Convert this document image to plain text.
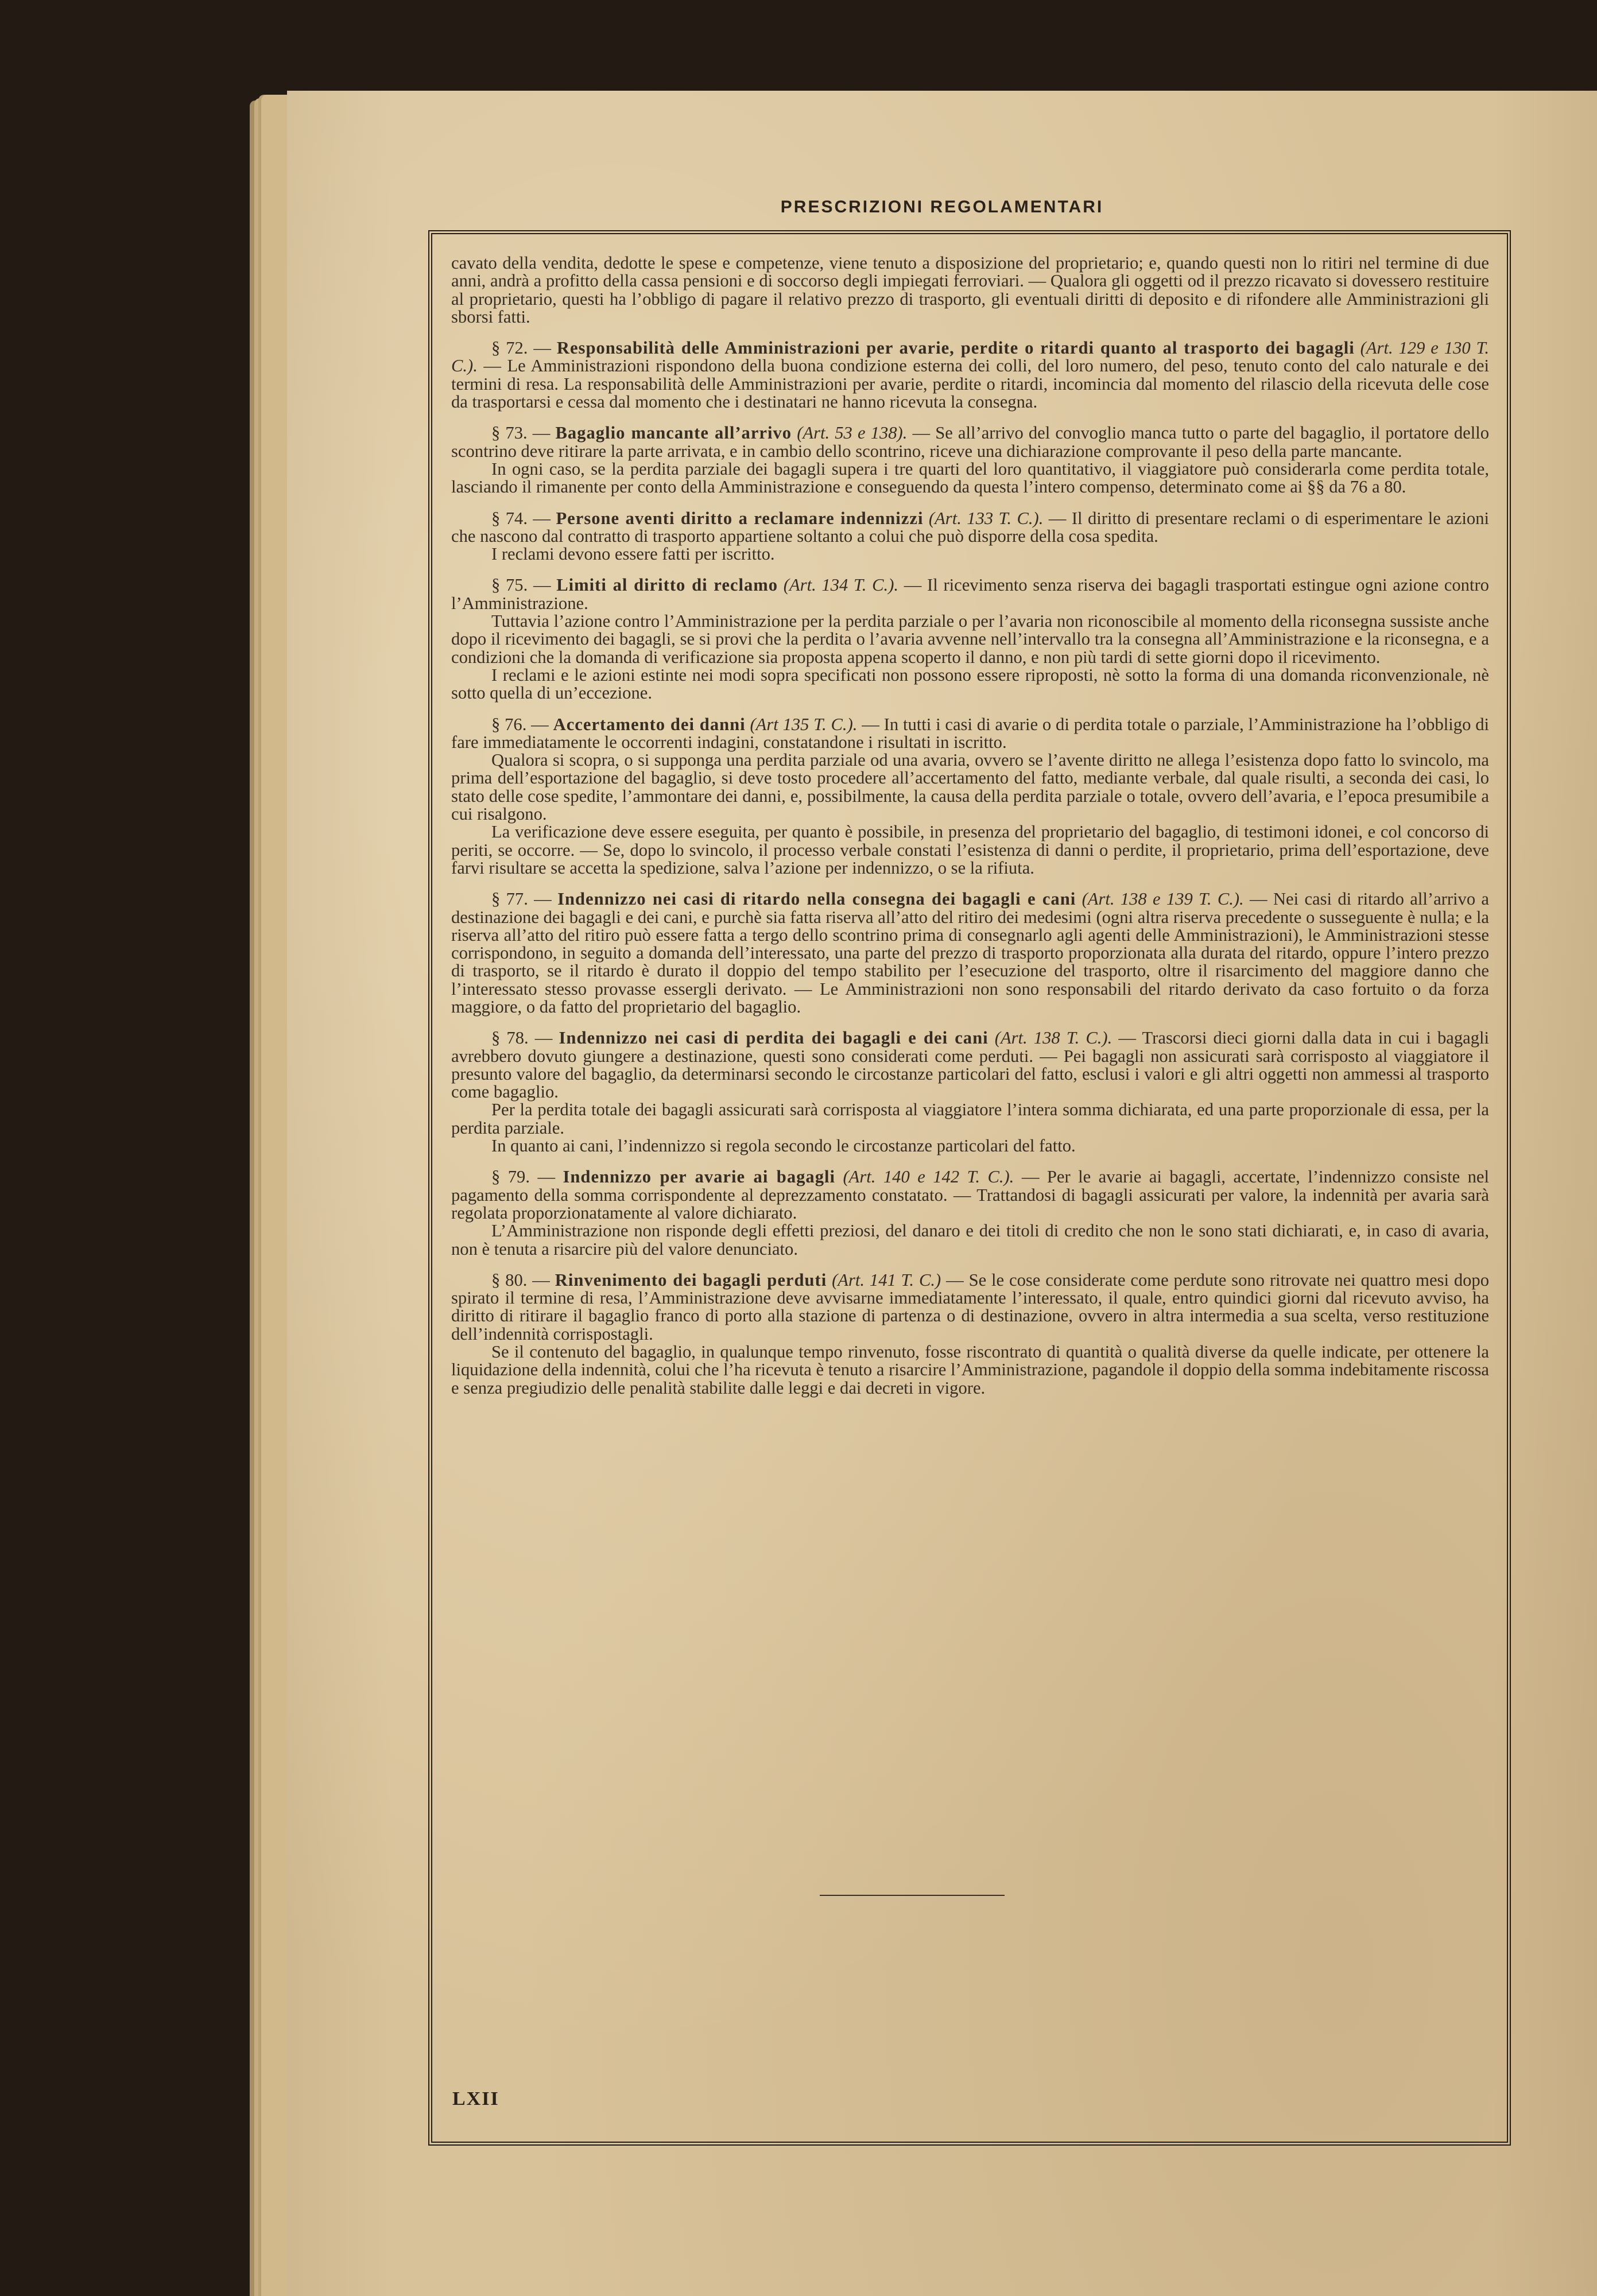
PRESCRIZIONI REGOLAMENTARI

cavato della vendita, dedotte le spese e competenze, viene tenuto a disposizione del proprietario; e, quando questi non lo ritiri nel termine di due anni, andrà a profitto della cassa pensioni e di soccorso degli impiegati ferroviari. — Qualora gli oggetti od il prezzo ricavato si dovessero restituire al proprietario, questi ha l’obbligo di pagare il relativo prezzo di trasporto, gli eventuali diritti di deposito e di rifondere alle Amministrazioni gli sborsi fatti.

§ 72. — Responsabilità delle Amministrazioni per avarie, perdite o ritardi quanto al trasporto dei bagagli (Art. 129 e 130 T. C.). — Le Amministrazioni rispondono della buona condizione esterna dei colli, del loro numero, del peso, tenuto conto del calo naturale e dei termini di resa. La responsabilità delle Amministrazioni per avarie, perdite o ritardi, incomincia dal momento del rilascio della ricevuta delle cose da trasportarsi e cessa dal momento che i destinatari ne hanno ricevuta la consegna.

§ 73. — Bagaglio mancante all’arrivo (Art. 53 e 138). — Se all’arrivo del convoglio manca tutto o parte del bagaglio, il portatore dello scontrino deve ritirare la parte arrivata, e in cambio dello scontrino, riceve una dichiarazione comprovante il peso della parte mancante.

In ogni caso, se la perdita parziale dei bagagli supera i tre quarti del loro quantitativo, il viaggiatore può considerarla come perdita totale, lasciando il rimanente per conto della Amministrazione e conseguendo da questa l’intero compenso, determinato come ai §§ da 76 a 80.

§ 74. — Persone aventi diritto a reclamare indennizzi (Art. 133 T. C.). — Il diritto di presentare reclami o di esperimentare le azioni che nascono dal contratto di trasporto appartiene soltanto a colui che può disporre della cosa spedita.

I reclami devono essere fatti per iscritto.

§ 75. — Limiti al diritto di reclamo (Art. 134 T. C.). — Il ricevimento senza riserva dei bagagli trasportati estingue ogni azione contro l’Amministrazione.

Tuttavia l’azione contro l’Amministrazione per la perdita parziale o per l’avaria non riconoscibile al momento della riconsegna sussiste anche dopo il ricevimento dei bagagli, se si provi che la perdita o l’avaria avvenne nell’intervallo tra la consegna all’Amministrazione e la riconsegna, e a condizioni che la domanda di verificazione sia proposta appena scoperto il danno, e non più tardi di sette giorni dopo il ricevimento.

I reclami e le azioni estinte nei modi sopra specificati non possono essere riproposti, nè sotto la forma di una domanda riconvenzionale, nè sotto quella di un’eccezione.

§ 76. — Accertamento dei danni (Art 135 T. C.). — In tutti i casi di avarie o di perdita totale o parziale, l’Amministrazione ha l’obbligo di fare immediatamente le occorrenti indagini, constatandone i risultati in iscritto.

Qualora si scopra, o si supponga una perdita parziale od una avaria, ovvero se l’avente diritto ne allega l’esistenza dopo fatto lo svincolo, ma prima dell’esportazione del bagaglio, si deve tosto procedere all’accertamento del fatto, mediante verbale, dal quale risulti, a seconda dei casi, lo stato delle cose spedite, l’ammontare dei danni, e, possibilmente, la causa della perdita parziale o totale, ovvero dell’avaria, e l’epoca presumibile a cui risalgono.

La verificazione deve essere eseguita, per quanto è possibile, in presenza del proprietario del bagaglio, di testimoni idonei, e col concorso di periti, se occorre. — Se, dopo lo svincolo, il processo verbale constati l’esistenza di danni o perdite, il proprietario, prima dell’esportazione, deve farvi risultare se accetta la spedizione, salva l’azione per indennizzo, o se la rifiuta.

§ 77. — Indennizzo nei casi di ritardo nella consegna dei bagagli e cani (Art. 138 e 139 T. C.). — Nei casi di ritardo all’arrivo a destinazione dei bagagli e dei cani, e purchè sia fatta riserva all’atto del ritiro dei medesimi (ogni altra riserva precedente o susseguente è nulla; e la riserva all’atto del ritiro può essere fatta a tergo dello scontrino prima di consegnarlo agli agenti delle Amministrazioni), le Amministrazioni stesse corrispondono, in seguito a domanda dell’interessato, una parte del prezzo di trasporto proporzionata alla durata del ritardo, oppure l’intero prezzo di trasporto, se il ritardo è durato il doppio del tempo stabilito per l’esecuzione del trasporto, oltre il risarcimento del maggiore danno che l’interessato stesso provasse essergli derivato. — Le Amministrazioni non sono responsabili del ritardo derivato da caso fortuito o da forza maggiore, o da fatto del proprietario del bagaglio.

§ 78. — Indennizzo nei casi di perdita dei bagagli e dei cani (Art. 138 T. C.). — Trascorsi dieci giorni dalla data in cui i bagagli avrebbero dovuto giungere a destinazione, questi sono considerati come perduti. — Pei bagagli non assicurati sarà corrisposto al viaggiatore il presunto valore del bagaglio, da determinarsi secondo le circostanze particolari del fatto, esclusi i valori e gli altri oggetti non ammessi al trasporto come bagaglio.

Per la perdita totale dei bagagli assicurati sarà corrisposta al viaggiatore l’intera somma dichiarata, ed una parte proporzionale di essa, per la perdita parziale.

In quanto ai cani, l’indennizzo si regola secondo le circostanze particolari del fatto.

§ 79. — Indennizzo per avarie ai bagagli (Art. 140 e 142 T. C.). — Per le avarie ai bagagli, accertate, l’indennizzo consiste nel pagamento della somma corrispondente al deprezzamento constatato. — Trattandosi di bagagli assicurati per valore, la indennità per avaria sarà regolata proporzionatamente al valore dichiarato.

L’Amministrazione non risponde degli effetti preziosi, del danaro e dei titoli di credito che non le sono stati dichiarati, e, in caso di avaria, non è tenuta a risarcire più del valore denunciato.

§ 80. — Rinvenimento dei bagagli perduti (Art. 141 T. C.) — Se le cose considerate come perdute sono ritrovate nei quattro mesi dopo spirato il termine di resa, l’Amministrazione deve avvisarne immediatamente l’interessato, il quale, entro quindici giorni dal ricevuto avviso, ha diritto di ritirare il bagaglio franco di porto alla stazione di partenza o di destinazione, ovvero in altra intermedia a sua scelta, verso restituzione dell’indennità corrispostagli.

Se il contenuto del bagaglio, in qualunque tempo rinvenuto, fosse riscontrato di quantità o qualità diverse da quelle indicate, per ottenere la liquidazione della indennità, colui che l’ha ricevuta è tenuto a risarcire l’Amministrazione, pagandole il doppio della somma indebitamente riscossa e senza pregiudizio delle penalità stabilite dalle leggi e dai decreti in vigore.

LXII
